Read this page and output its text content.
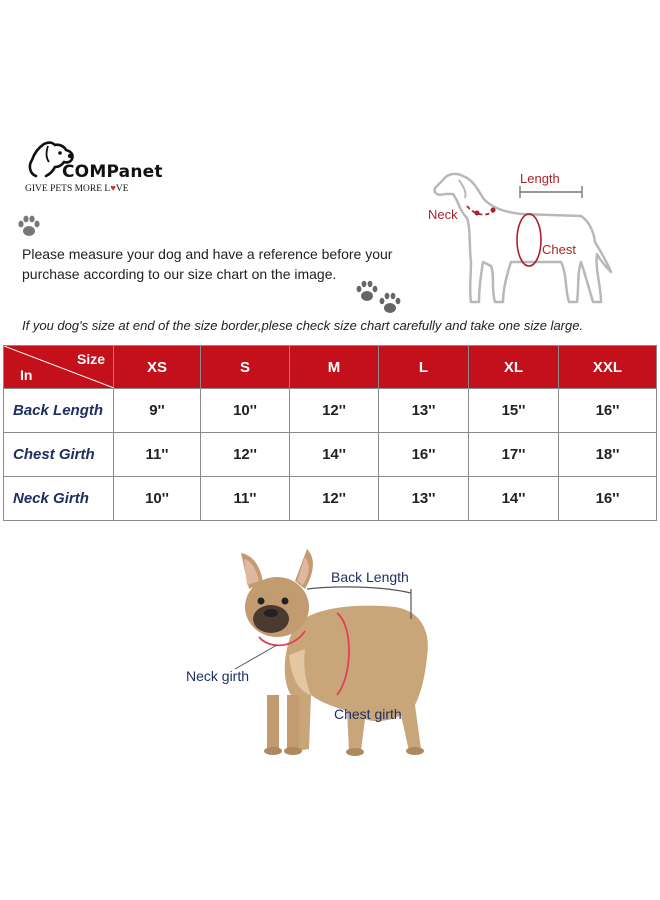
COMPanet
GIVE PETS MORE L♥VE
Please measure your dog and have a reference before your purchase according to our size chart on the image.
Length
Neck
Chest
If you dog's size at end of the size border,plese check size chart carefully and take one size large.
Size
In	XS	S	M	L	XL	XXL
Back Length	9''	10''	12''	13''	15''	16''
Chest Girth	11''	12''	14''	16''	17''	18''
Neck Girth	10''	11''	12''	13''	14''	16''
Back Length
Neck girth
Chest girth
